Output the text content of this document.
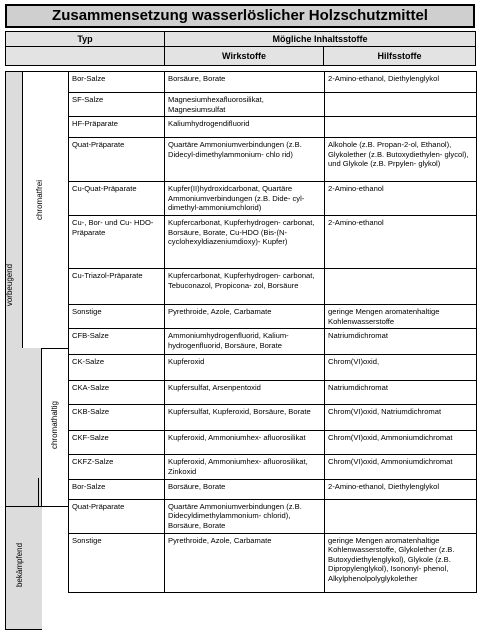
Zusammensetzung wasserlöslicher Holzschutzmittel
Typ	Mögliche Inhaltsstoffe
Wirkstoffe	Hilfsstoffe
vorbeugend
chromatfrei
chromathaltig
bekämpfend
Bor-Salze	Borsäure, Borate	2-Amino-ethanol, Diethylenglykol
SF-Salze	Magnesiumhexafluorosilikat, Magnesiumsulfat	
HF-Präparate	Kaliumhydrogendifluorid	
Quat-Präparate	Quartäre Ammoniumverbindungen (z.B. Didecyl-dimethylammonium- chlo rid)	Alkohole (z.B. Propan-2-ol, Ethanol), Glykolether (z.B. Butoxydiethylen- glycol), und Glykole (z.B. Prpylen- glykol)
Cu-Quat-Präparate	Kupfer(II)hydroxidcarbonat, Quartäre Ammoniumverbindungen (z.B. Dide- cyl-dimethyl-ammoniumchlorid)	2-Amino-ethanol
Cu-, Bor- und Cu- HDO-Präparate	Kupfercarbonat, Kupferhydrogen- carbonat, Borsäure, Borate, Cu-HDO (Bis-(N-cyclohexyldiazeniumdioxy)- Kupfer)	2-Amino-ethanol
Cu-Triazol-Präparate	Kupfercarbonat, Kupferhydrogen- carbonat, Tebuconazol, Propicona- zol, Borsäure	
Sonstige	Pyrethroide, Azole, Carbamate	geringe Mengen aromatenhaltige Kohlenwasserstoffe
CFB-Salze	Ammoniumhydrogenfluorid, Kalium- hydrogenfluorid, Borsäure, Borate	Natriumdichromat
CK-Salze	Kupferoxid	Chrom(VI)oxid,
CKA-Salze	Kupfersulfat, Arsenpentoxid	Natriumdichromat
CKB-Salze	Kupfersulfat, Kupferoxid, Borsäure, Borate	Chrom(VI)oxid, Natriumdichromat
CKF-Salze	Kupferoxid, Ammoniumhex- afluorosilikat	Chrom(VI)oxid, Ammoniumdichromat
CKFZ-Salze	Kupferoxid, Ammoniumhex- afluorosilikat, Zinkoxid	Chrom(VI)oxid, Ammoniumdichromat
Bor-Salze	Borsäure, Borate	2-Amino-ethanol, Diethylenglykol
Quat-Präparate	Quartäre Ammoniumverbindungen (z.B. Didecyldimethylammonium- chlorid), Borsäure, Borate	
Sonstige	Pyrethroide, Azole, Carbamate	geringe Mengen aromatenhaltige Kohlenwasserstoffe, Glykolether (z.B. Butoxydiethylenglykol), Glykole (z.B. Dipropylenglykol), Isononyl- phenol, Alkylphenolpolyglykolether
